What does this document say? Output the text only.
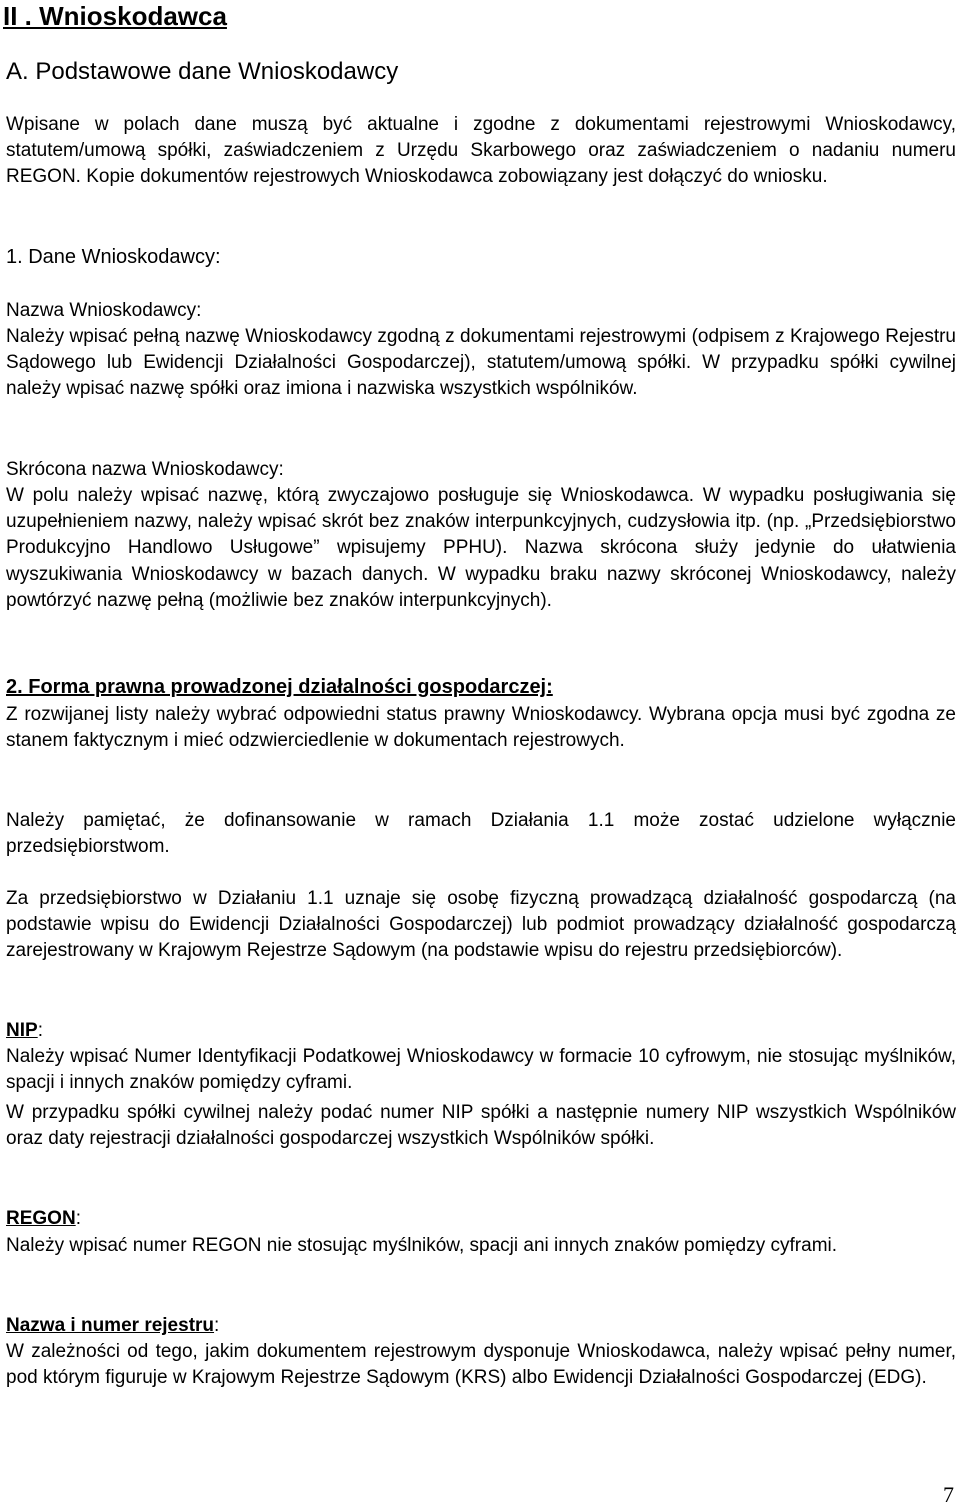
II . Wnioskodawca
A. Podstawowe dane Wnioskodawcy

Wpisane w polach dane muszą być aktualne i zgodne z dokumentami rejestrowymi Wnioskodawcy, statutem/umową spółki, zaświadczeniem z Urzędu Skarbowego oraz zaświadczeniem o nadaniu numeru REGON. Kopie dokumentów rejestrowych Wnioskodawca zobowiązany jest dołączyć do wniosku.

1. Dane Wnioskodawcy:
Nazwa Wnioskodawcy:

Należy wpisać pełną nazwę Wnioskodawcy zgodną z dokumentami rejestrowymi (odpisem z Krajowego Rejestru Sądowego lub Ewidencji Działalności Gospodarczej), statutem/umową spółki. W przypadku spółki cywilnej należy wpisać nazwę spółki oraz imiona i nazwiska wszystkich wspólników.

Skrócona nazwa Wnioskodawcy:

W polu należy wpisać nazwę, którą zwyczajowo posługuje się Wnioskodawca. W wypadku posługiwania się uzupełnieniem nazwy, należy wpisać skrót bez znaków interpunkcyjnych, cudzysłowia itp. (np. „Przedsiębiorstwo Produkcyjno Handlowo Usługowe” wpisujemy PPHU). Nazwa skrócona służy jedynie do ułatwienia wyszukiwania Wnioskodawcy w bazach danych. W wypadku braku nazwy skróconej Wnioskodawcy, należy powtórzyć nazwę pełną (możliwie bez znaków interpunkcyjnych).

2. Forma prawna prowadzonej działalności gospodarczej:

Z rozwijanej listy należy wybrać odpowiedni status prawny Wnioskodawcy. Wybrana opcja musi być zgodna ze stanem faktycznym i mieć odzwierciedlenie w dokumentach rejestrowych.

Należy pamiętać, że dofinansowanie w ramach Działania 1.1 może zostać udzielone wyłącznie przedsiębiorstwom.

Za przedsiębiorstwo w Działaniu 1.1 uznaje się osobę fizyczną prowadzącą działalność gospodarczą (na podstawie wpisu do Ewidencji Działalności Gospodarczej) lub podmiot prowadzący działalność gospodarczą zarejestrowany w Krajowym Rejestrze Sądowym (na podstawie wpisu do rejestru przedsiębiorców).

NIP:

Należy wpisać Numer Identyfikacji Podatkowej Wnioskodawcy w formacie 10 cyfrowym, nie stosując myślników, spacji i innych znaków pomiędzy cyframi.

W przypadku spółki cywilnej należy podać numer NIP spółki a następnie numery NIP wszystkich Wspólników oraz daty rejestracji działalności gospodarczej wszystkich Wspólników spółki.

REGON:

Należy wpisać numer REGON nie stosując myślników, spacji ani innych znaków pomiędzy cyframi.

Nazwa i numer rejestru:

W zależności od tego, jakim dokumentem rejestrowym dysponuje Wnioskodawca, należy wpisać pełny numer, pod którym figuruje w Krajowym Rejestrze Sądowym (KRS) albo Ewidencji Działalności Gospodarczej (EDG).

7
